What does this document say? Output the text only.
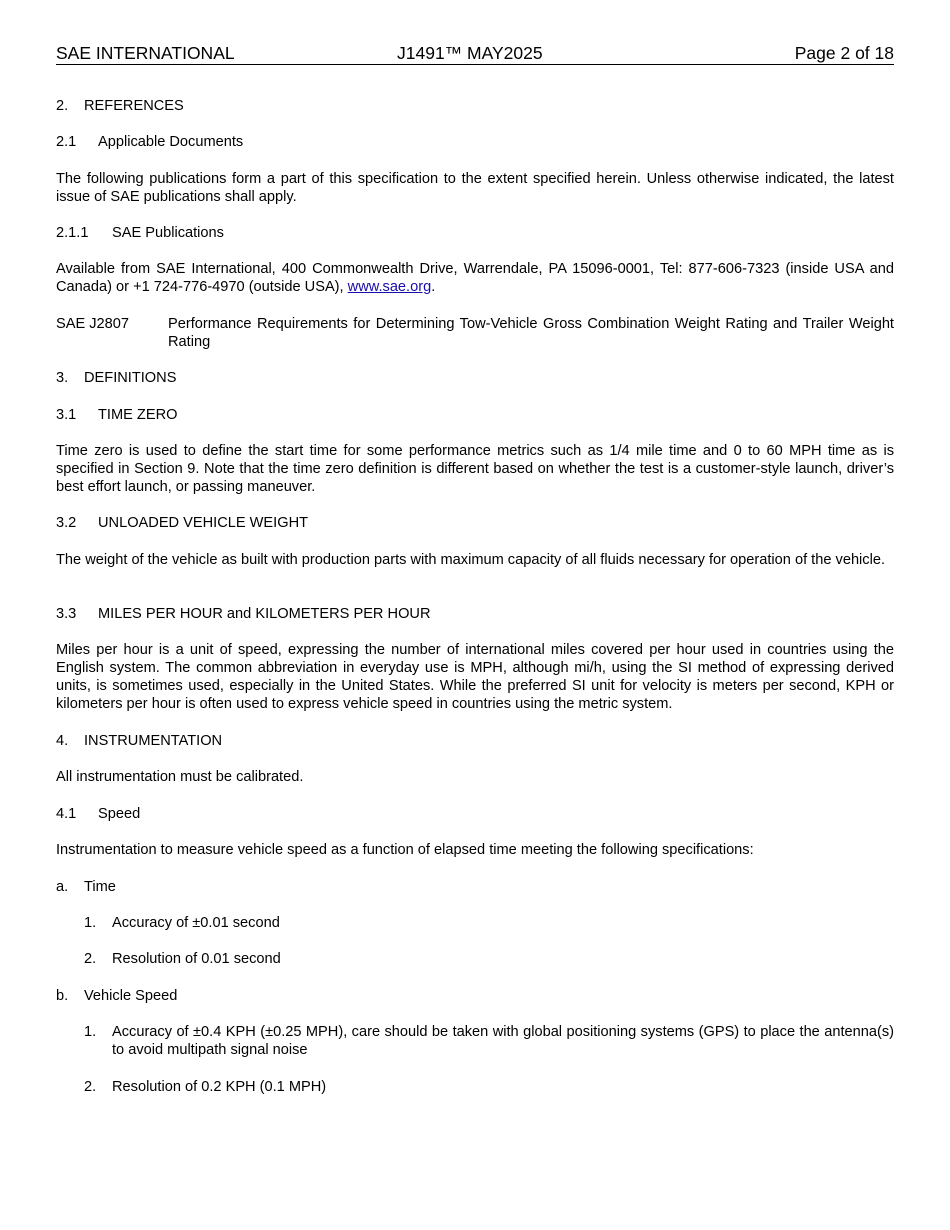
SAE INTERNATIONAL	J1491™ MAY2025	Page 2 of 18
2. REFERENCES
2.1 Applicable Documents
The following publications form a part of this specification to the extent specified herein. Unless otherwise indicated, the latest issue of SAE publications shall apply.
2.1.1 SAE Publications
Available from SAE International, 400 Commonwealth Drive, Warrendale, PA 15096-0001, Tel: 877-606-7323 (inside USA and Canada) or +1 724-776-4970 (outside USA), www.sae.org.
SAE J2807	Performance Requirements for Determining Tow-Vehicle Gross Combination Weight Rating and Trailer Weight Rating
3. DEFINITIONS
3.1 TIME ZERO
Time zero is used to define the start time for some performance metrics such as 1/4 mile time and 0 to 60 MPH time as is specified in Section 9. Note that the time zero definition is different based on whether the test is a customer-style launch, driver’s best effort launch, or passing maneuver.
3.2 UNLOADED VEHICLE WEIGHT
The weight of the vehicle as built with production parts with maximum capacity of all fluids necessary for operation of the vehicle.
3.3 MILES PER HOUR and KILOMETERS PER HOUR
Miles per hour is a unit of speed, expressing the number of international miles covered per hour used in countries using the English system. The common abbreviation in everyday use is MPH, although mi/h, using the SI method of expressing derived units, is sometimes used, especially in the United States. While the preferred SI unit for velocity is meters per second, KPH or kilometers per hour is often used to express vehicle speed in countries using the metric system.
4. INSTRUMENTATION
All instrumentation must be calibrated.
4.1 Speed
Instrumentation to measure vehicle speed as a function of elapsed time meeting the following specifications:
a. Time
1. Accuracy of ±0.01 second
2. Resolution of 0.01 second
b. Vehicle Speed
1. Accuracy of ±0.4 KPH (±0.25 MPH), care should be taken with global positioning systems (GPS) to place the antenna(s) to avoid multipath signal noise
2. Resolution of 0.2 KPH (0.1 MPH)
